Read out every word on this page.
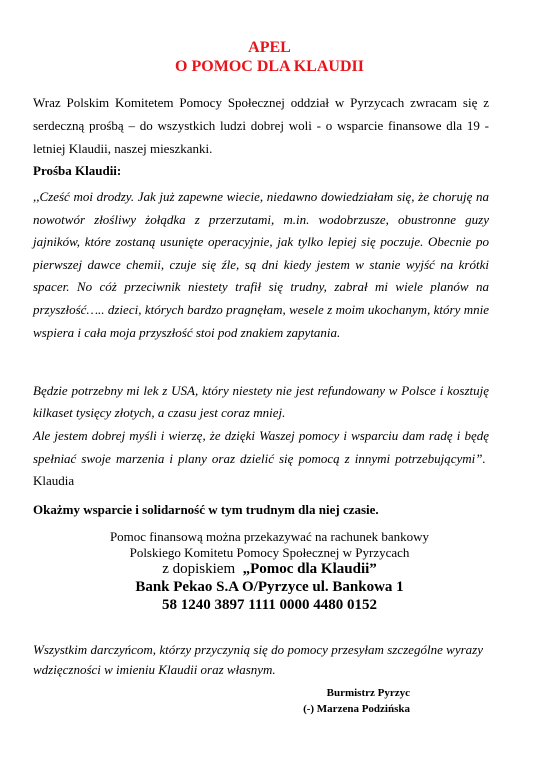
APEL
O POMOC DLA KLAUDII
Wraz Polskim Komitetem Pomocy Społecznej oddział w Pyrzycach zwracam się z serdeczną prośbą – do wszystkich ludzi dobrej woli - o wsparcie finansowe dla 19 - letniej Klaudii, naszej mieszkanki.
Prośba Klaudii:
,,Cześć moi drodzy. Jak już zapewne wiecie, niedawno dowiedziałam się, że choruję na nowotwór złośliwy żołądka z przerzutami, m.in. wodobrzusze, obustronne guzy jajników, które zostaną usunięte operacyjnie, jak tylko lepiej się poczuje. Obecnie po pierwszej dawce chemii, czuje się źle, są dni kiedy jestem w stanie wyjść na krótki spacer. No cóż przeciwnik niestety trafił się trudny, zabrał mi wiele planów na przyszłość….. dzieci, których bardzo pragnęłam, wesele z moim ukochanym, który mnie wspiera i cała moja przyszłość stoi pod znakiem zapytania.
Będzie potrzebny mi lek z USA, który niestety nie jest refundowany w Polsce i kosztuję kilkaset tysięcy złotych, a czasu jest coraz mniej.
Ale jestem dobrej myśli i wierzę, że dzięki Waszej pomocy i wsparciu dam radę i będę spełniać swoje marzenia i plany oraz dzielić się pomocą z innymi potrzebującymi”.  Klaudia
Okażmy wsparcie i solidarność w tym trudnym dla niej czasie.
Pomoc finansową można przekazywać na rachunek bankowy
Polskiego Komitetu Pomocy Społecznej w Pyrzycach
z dopiskiem „Pomoc dla Klaudii”
Bank Pekao S.A O/Pyrzyce ul. Bankowa 1
58 1240 3897 1111 0000 4480 0152
Wszystkim darczyńcom, którzy przyczynią się do pomocy przesyłam szczególne wyrazy wdzięczności w imieniu Klaudii oraz własnym.
Burmistrz Pyrzyc
(-) Marzena Podzińska
